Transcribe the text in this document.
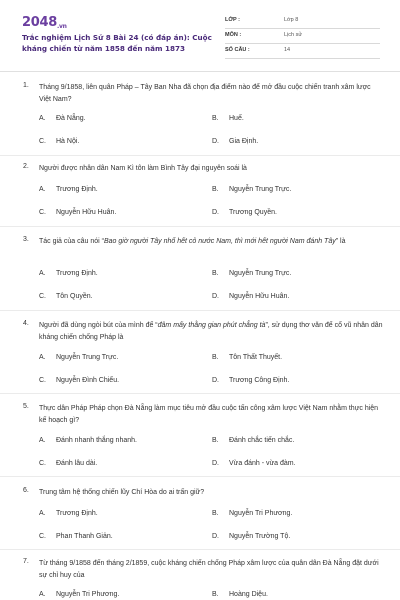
2048.vn
Trắc nghiệm Lịch Sử 8 Bài 24 (có đáp án): Cuộc kháng chiến từ năm 1858 đến năm 1873
LỚP :	Lớp 8
MÔN :	Lịch sử
SỐ CÂU :	14
1. Tháng 9/1858, liên quân Pháp – Tây Ban Nha đã chọn địa điểm nào để mở đầu cuộc chiến tranh xâm lược Việt Nam?
A. Đà Nẵng.	B. Huế.
C. Hà Nội.	D. Gia Định.
2. Người được nhân dân Nam Kì tôn làm Bình Tây đại nguyên soái là
A. Trương Định.	B. Nguyễn Trung Trực.
C. Nguyễn Hữu Huân.	D. Trương Quyền.
3. Tác giả của câu nói “Bao giờ người Tây nhổ hết cỏ nước Nam, thì mới hết người Nam đánh Tây” là
A. Trương Định.	B. Nguyễn Trung Trực.
C. Tôn Quyền.	D. Nguyễn Hữu Huân.
4. Người đã dùng ngòi bút của mình để “đâm mấy thằng gian phút chẳng tà”, sử dụng thơ văn để cổ vũ nhân dân kháng chiến chống Pháp là
A. Nguyễn Trung Trực.	B. Tôn Thất Thuyết.
C. Nguyễn Đình Chiểu.	D. Trương Công Định.
5. Thực dân Pháp Pháp chọn Đà Nẵng làm mục tiêu mở đầu cuộc tấn công xâm lược Việt Nam nhằm thực hiện kế hoạch gì?
A. Đánh nhanh thắng nhanh.	B. Đánh chắc tiến chắc.
C. Đánh lâu dài.	D. Vừa đánh - vừa đàm.
6. Trung tâm hệ thống chiến lũy Chí Hòa do ai trấn giữ?
A. Trương Định.	B. Nguyễn Tri Phương.
C. Phan Thanh Giản.	D. Nguyễn Trường Tộ.
7. Từ tháng 9/1858 đến tháng 2/1859, cuộc kháng chiến chống Pháp xâm lược của quân dân Đà Nẵng đặt dưới sự chỉ huy của
A. Nguyễn Tri Phương.	B. Hoàng Diệu.
